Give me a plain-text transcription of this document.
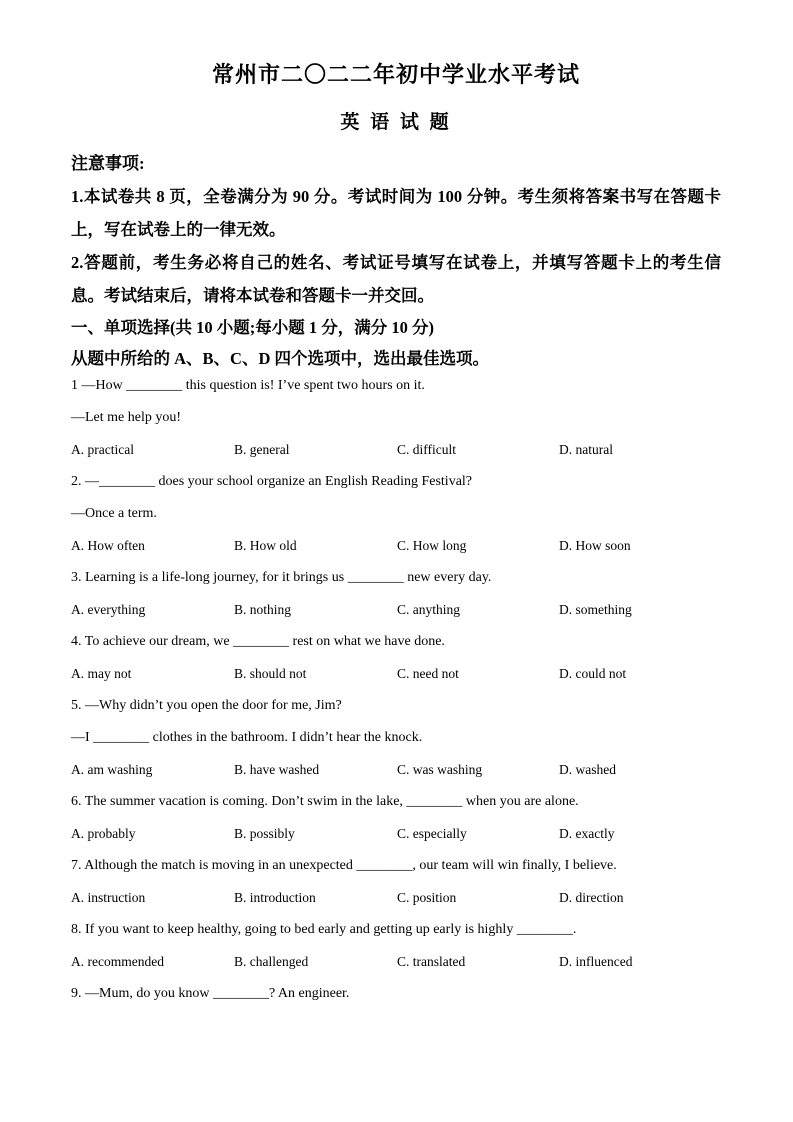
常州市二〇二二年初中学业水平考试
英 语 试 题

注意事项:

1.本试卷共 8 页，全卷满分为 90 分。考试时间为 100 分钟。考生须将答案书写在答题卡上，写在试卷上的一律无效。

2.答题前，考生务必将自己的姓名、考试证号填写在试卷上，并填写答题卡上的考生信息。考试结束后，请将本试卷和答题卡一并交回。

一、单项选择(共 10 小题;每小题 1 分，满分 10 分)

从题中所给的 A、B、C、D 四个选项中，选出最佳选项。

1 —How ________ this question is! I’ve spent two hours on it.

—Let me help you!

A. practical	B. general	C. difficult	D. natural

2. —________ does your school organize an English Reading Festival?

—Once a term.

A. How often	B. How old	C. How long	D. How soon

3. Learning is a life-long journey, for it brings us ________ new every day.

A. everything	B. nothing	C. anything	D. something

4. To achieve our dream, we ________ rest on what we have done.

A. may not	B. should not	C. need not	D. could not

5. —Why didn’t you open the door for me, Jim?

—I ________ clothes in the bathroom. I didn’t hear the knock.

A. am washing	B. have washed	C. was washing	D. washed

6. The summer vacation is coming. Don’t swim in the lake, ________ when you are alone.

A. probably	B. possibly	C. especially	D. exactly

7. Although the match is moving in an unexpected ________, our team will win finally, I believe.

A. instruction	B. introduction	C. position	D. direction

8. If you want to keep healthy, going to bed early and getting up early is highly ________.

A. recommended	B. challenged	C. translated	D. influenced

9. —Mum, do you know ________? An engineer.
